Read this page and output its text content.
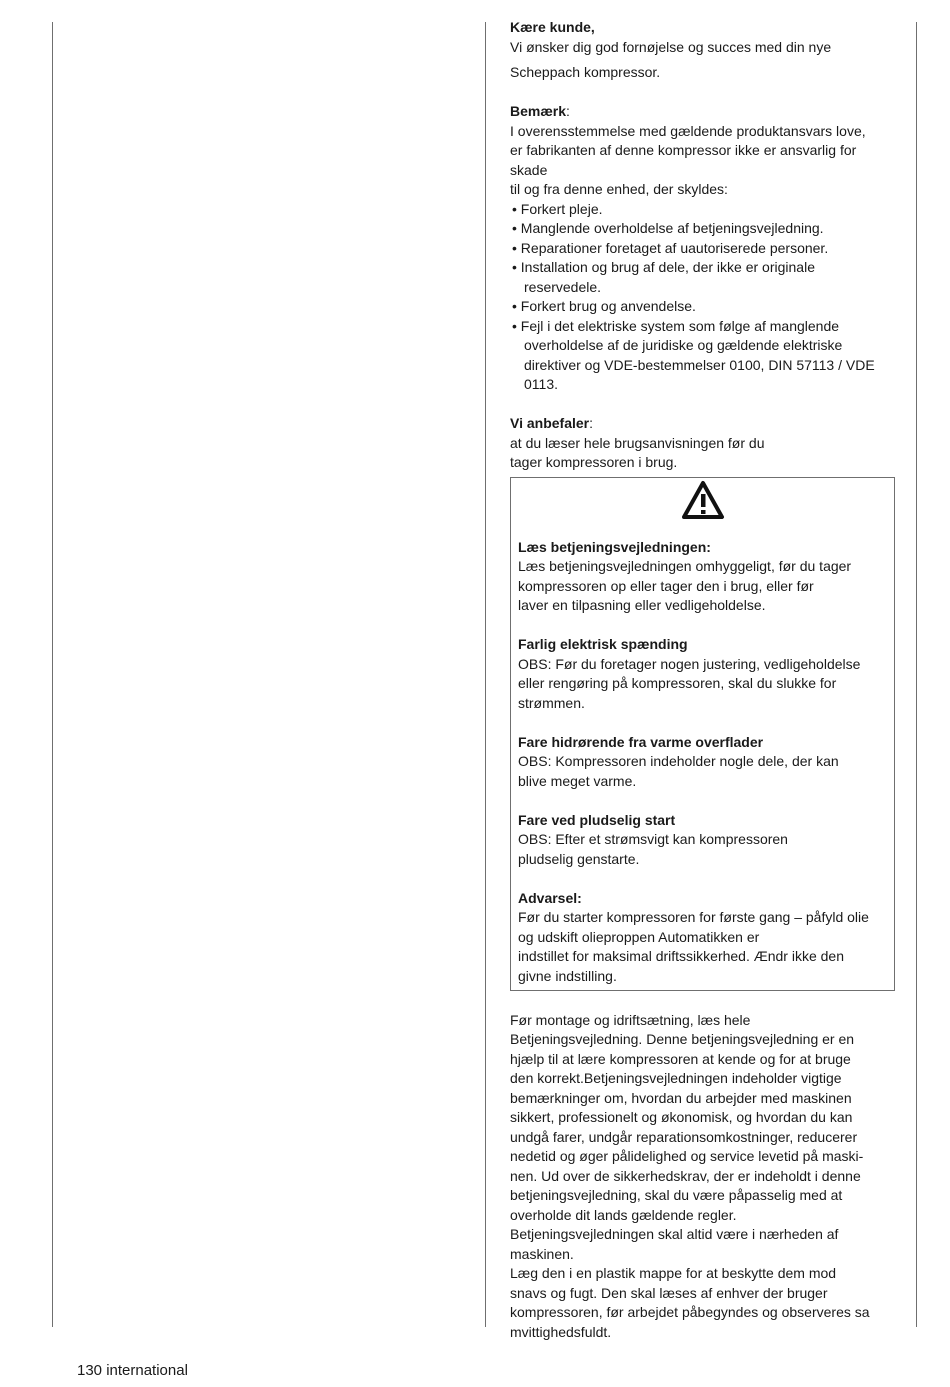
Kære kunde,

Vi ønsker dig god fornøjelse og succes med din nye

Scheppach kompressor.

Bemærk:

I overensstemmelse med gældende produktansvars love,

er fabrikanten af denne kompressor ikke er ansvarlig for

skade

til og fra denne enhed, der skyldes:

• Forkert pleje.
• Manglende overholdelse af betjeningsvejledning.
• Reparationer foretaget af uautoriserede personer.
• Installation og brug af dele, der ikke er originale reservedele.
• Forkert brug og anvendelse.
• Fejl i det elektriske system som følge af manglende overholdelse af de juridiske og gældende elektriske direktiver og VDE-bestemmelser 0100, DIN 57113 / VDE 0113.

Vi anbefaler:

at du læser hele brugsanvisningen før du

tager kompressoren i brug.

Læs betjeningsvejledningen:

Læs betjeningsvejledningen omhyggeligt, før du tager

kompressoren op eller tager den i brug, eller før

laver en tilpasning eller vedligeholdelse.

Farlig elektrisk spænding

OBS: Før du foretager nogen justering, vedligeholdelse

eller rengøring på kompressoren, skal du slukke for

strømmen.

Fare hidrørende fra varme overflader

OBS: Kompressoren indeholder nogle dele, der kan

blive meget varme.

Fare ved pludselig start

OBS: Efter et strømsvigt kan kompressoren

pludselig genstarte.

Advarsel:

Før du starter kompressoren for første gang – påfyld olie

og udskift olieproppen Automatikken er

indstillet for maksimal driftssikkerhed. Ændr ikke den

givne indstilling.

Før montage og idriftsætning, læs hele

Betjeningsvejledning. Denne betjeningsvejledning er en

hjælp til at lære kompressoren at kende og for at bruge

den korrekt.Betjeningsvejledningen indeholder vigtige

bemærkninger om, hvordan du arbejder med maskinen

sikkert, professionelt og økonomisk, og hvordan du kan

undgå farer, undgår reparationsomkostninger, reducerer

nedetid og øger pålidelighed og service levetid på maski-

nen. Ud over de sikkerhedskrav, der er indeholdt i denne

betjeningsvejledning, skal du være påpasselig med at

overholde dit lands gældende regler.

Betjeningsvejledningen skal altid være i nærheden af

maskinen.

Læg den i en plastik mappe for at beskytte dem mod

snavs og fugt. Den skal læses af enhver der bruger

kompressoren, før arbejdet påbegyndes og observeres sa

mvittighedsfuldt.

130 international
